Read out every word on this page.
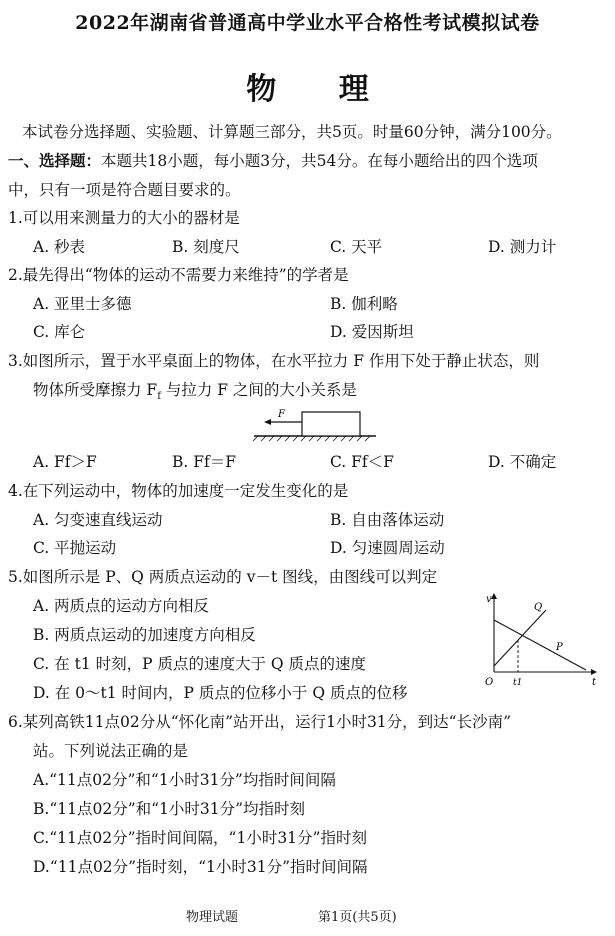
2022年湖南省普通高中学业水平合格性考试模拟试卷
物 理
本试卷分选择题、实验题、计算题三部分，共5页。时量60分钟，满分100分。
一、选择题：本题共18小题，每小题3分，共54分。在每小题给出的四个选项
中，只有一项是符合题目要求的。
1.可以用来测量力的大小的器材是
A. 秒表	B. 刻度尺	C. 天平	D. 测力计
2.最先得出“物体的运动不需要力来维持”的学者是
A. 亚里士多德	B. 伽利略
C. 库仑	D. 爱因斯坦
3.如图所示，置于水平桌面上的物体，在水平拉力 F 作用下处于静止状态，则
物体所受摩擦力 $F_f$ 与拉力 F 之间的大小关系是
F
A. Ff＞F	B. Ff＝F	C. Ff＜F	D. 不确定
4.在下列运动中，物体的加速度一定发生变化的是
A. 匀变速直线运动	B. 自由落体运动
C. 平抛运动	D. 匀速圆周运动
5.如图所示是 P、Q 两质点运动的 v－t 图线，由图线可以判定
A. 两质点的运动方向相反
B. 两质点运动的加速度方向相反
C. 在 t1 时刻，P 质点的速度大于 Q 质点的速度
D. 在 0～t1 时间内，P 质点的位移小于 Q 质点的位移
v
t
O t1
Q
P
6.某列高铁11点02分从“怀化南”站开出，运行1小时31分，到达“长沙南”
站。下列说法正确的是
A.“11点02分”和“1小时31分”均指时间间隔
B.“11点02分”和“1小时31分”均指时刻
C.“11点02分”指时间间隔，“1小时31分”指时刻
D.“11点02分”指时刻，“1小时31分”指时间间隔
物理试题	第1页(共5页)
